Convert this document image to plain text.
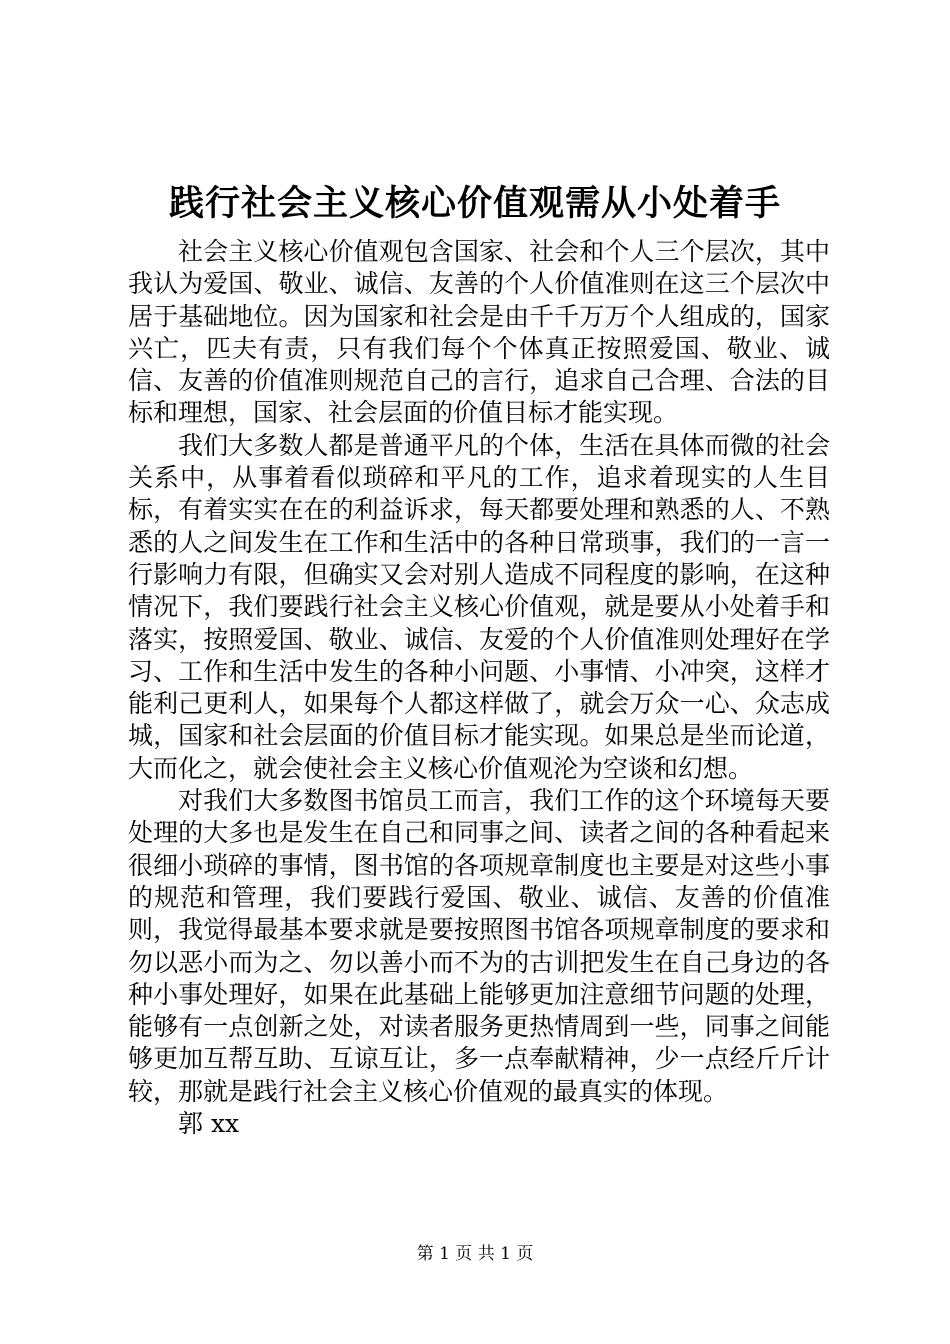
践行社会主义核心价值观需从小处着手

社会主义核心价值观包含国家、社会和个人三个层次，其中我认为爱国、敬业、诚信、友善的个人价值准则在这三个层次中居于基础地位。因为国家和社会是由千千万万个人组成的，国家兴亡，匹夫有责，只有我们每个个体真正按照爱国、敬业、诚信、友善的价值准则规范自己的言行，追求自己合理、合法的目标和理想，国家、社会层面的价值目标才能实现。

我们大多数人都是普通平凡的个体，生活在具体而微的社会关系中，从事着看似琐碎和平凡的工作，追求着现实的人生目标，有着实实在在的利益诉求，每天都要处理和熟悉的人、不熟悉的人之间发生在工作和生活中的各种日常琐事，我们的一言一行影响力有限，但确实又会对别人造成不同程度的影响，在这种情况下，我们要践行社会主义核心价值观，就是要从小处着手和落实，按照爱国、敬业、诚信、友爱的个人价值准则处理好在学习、工作和生活中发生的各种小问题、小事情、小冲突，这样才能利己更利人，如果每个人都这样做了，就会万众一心、众志成城，国家和社会层面的价值目标才能实现。如果总是坐而论道，大而化之，就会使社会主义核心价值观沦为空谈和幻想。

对我们大多数图书馆员工而言，我们工作的这个环境每天要处理的大多也是发生在自己和同事之间、读者之间的各种看起来很细小琐碎的事情，图书馆的各项规章制度也主要是对这些小事的规范和管理，我们要践行爱国、敬业、诚信、友善的价值准则，我觉得最基本要求就是要按照图书馆各项规章制度的要求和勿以恶小而为之、勿以善小而不为的古训把发生在自己身边的各种小事处理好，如果在此基础上能够更加注意细节问题的处理，能够有一点创新之处，对读者服务更热情周到一些，同事之间能够更加互帮互助、互谅互让，多一点奉献精神，少一点经斤斤计较，那就是践行社会主义核心价值观的最真实的体现。

郭 xx

第 1 页 共 1 页
